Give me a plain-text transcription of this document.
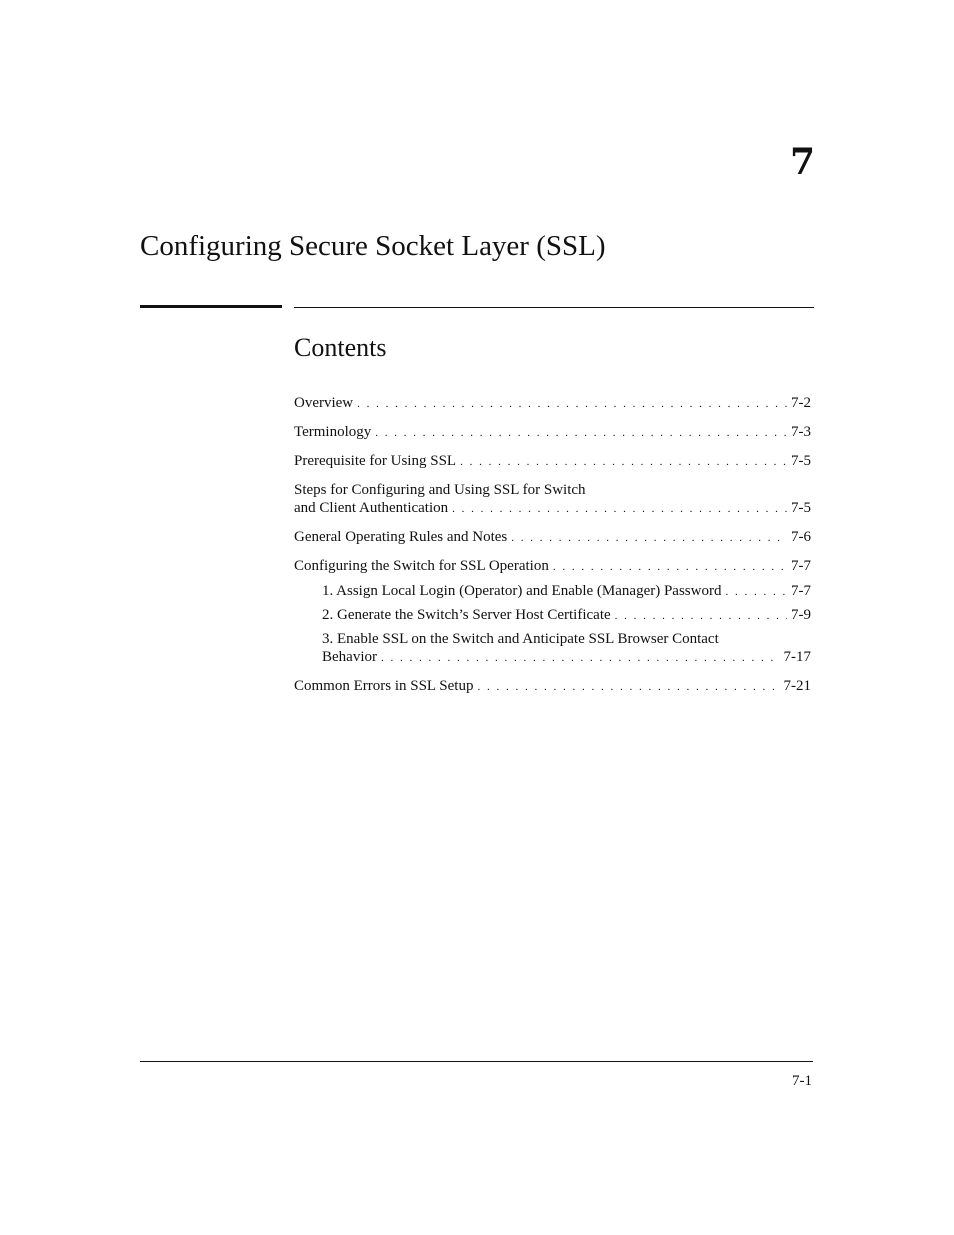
7
Configuring Secure Socket Layer (SSL)
Contents
Overview . . .	7-2
Terminology . . .	7-3
Prerequisite for Using SSL . . .	7-5
Steps for Configuring and Using SSL for Switch
and Client Authentication . . .	7-5
General Operating Rules and Notes . . .	7-6
Configuring the Switch for SSL Operation . . .	7-7
1. Assign Local Login (Operator) and Enable (Manager) Password . . .	7-7
2. Generate the Switch’s Server Host Certificate . . .	7-9
3. Enable SSL on the Switch and Anticipate SSL Browser Contact
Behavior . . .	7-17
Common Errors in SSL Setup . . .	7-21
7-1
